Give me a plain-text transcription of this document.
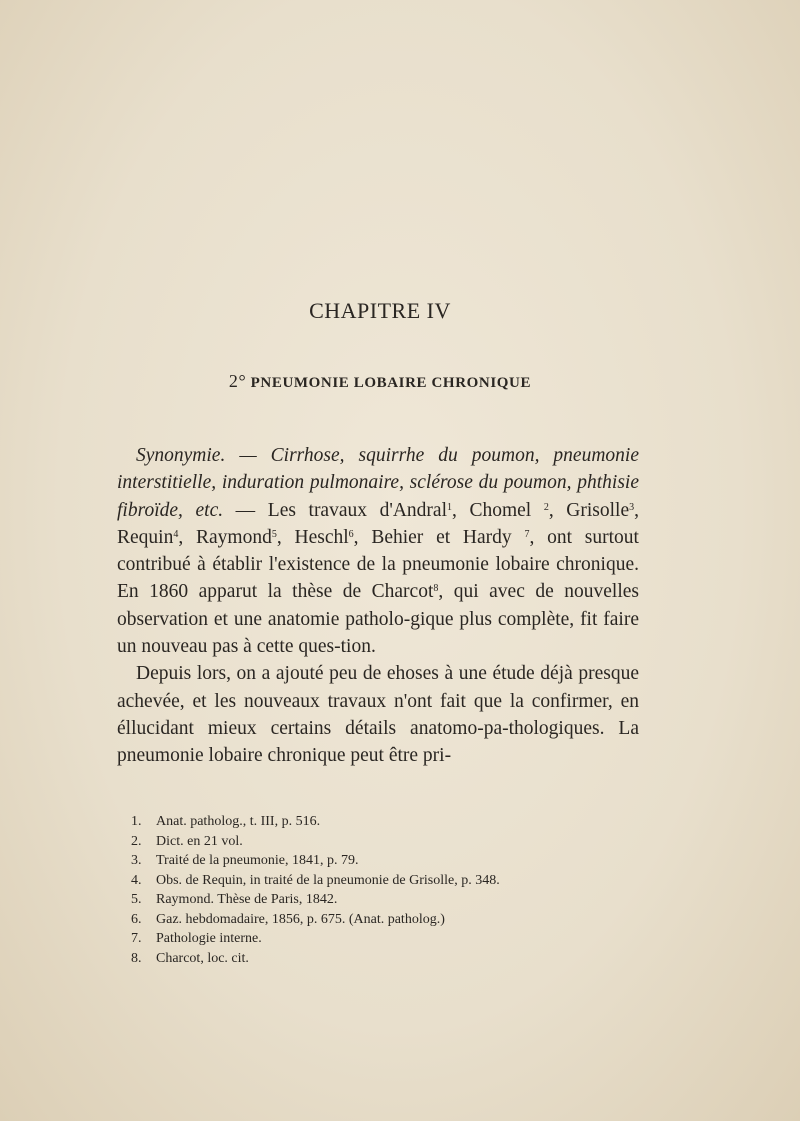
CHAPITRE IV
2° PNEUMONIE LOBAIRE CHRONIQUE

Synonymie. — Cirrhose, squirrhe du poumon, pneumonie interstitielle, induration pulmonaire, sclérose du poumon, phthisie fibroïde, etc. — Les travaux d'Andral$^1$, Chomel $^2$, Grisolle$^3$, Requin$^4$, Raymond$^5$, Heschl$^6$, Behier et Hardy $^7$, ont surtout contribué à établir l'existence de la pneumonie lobaire chronique. En 1860 apparut la thèse de Charcot$^8$, qui avec de nouvelles observation et une anatomie patholo-gique plus complète, fit faire un nouveau pas à cette ques-tion.

Depuis lors, on a ajouté peu de ehoses à une étude déjà presque achevée, et les nouveaux travaux n'ont fait que la confirmer, en éllucidant mieux certains détails anatomo-pa-thologiques. La pneumonie lobaire chronique peut être pri-

1.	Anat. patholog., t. III, p. 516.
2.	Dict. en 21 vol.
3.	Traité de la pneumonie, 1841, p. 79.
4.	Obs. de Requin, in traité de la pneumonie de Grisolle, p. 348.
5.	Raymond. Thèse de Paris, 1842.
6.	Gaz. hebdomadaire, 1856, p. 675. (Anat. patholog.)
7.	Pathologie interne.
8.	Charcot, loc. cit.
